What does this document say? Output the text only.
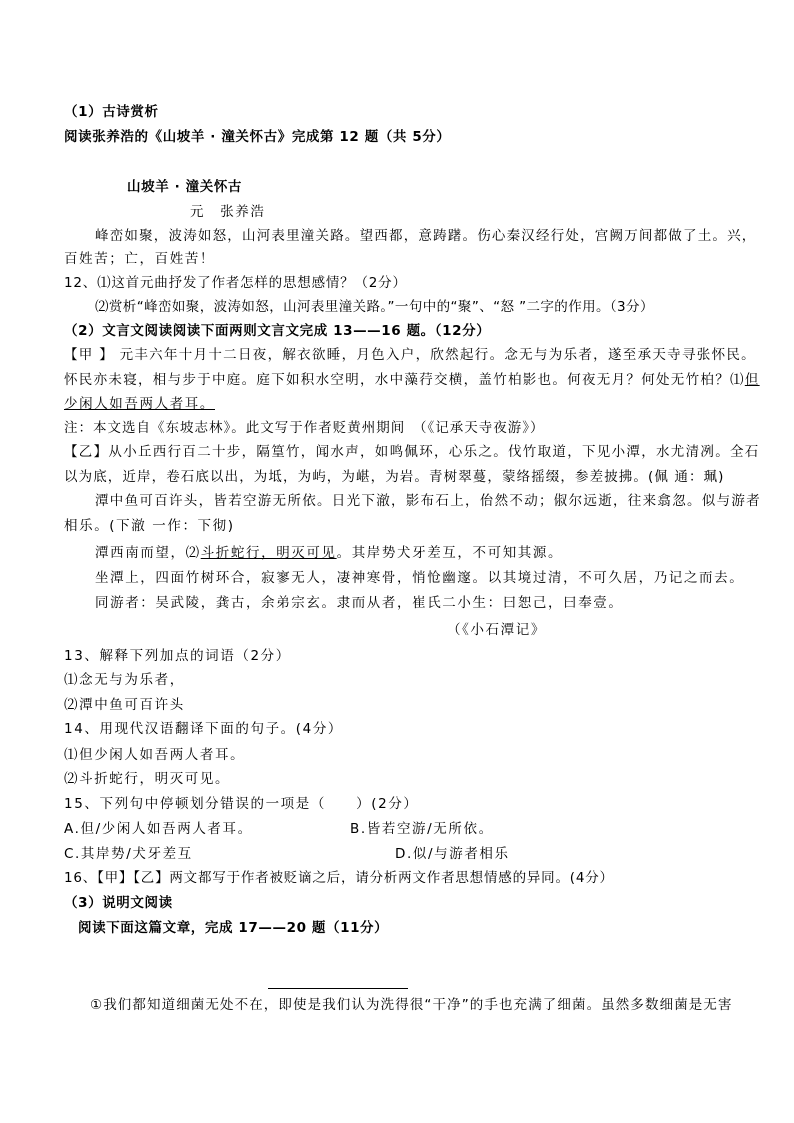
（1）古诗赏析
阅读张养浩的《山坡羊 · 潼关怀古》完成第 12 题（共 5分）
山坡羊 · 潼关怀古
元　张养浩
峰峦如聚，波涛如怒，山河表里潼关路。望西都，意踌躇。伤心秦汉经行处，宫阙万间都做了土。兴，
百姓苦；亡，百姓苦！
12、⑴这首元曲抒发了作者怎样的思想感情？（2分）
⑵赏析“峰峦如聚，波涛如怒，山河表里潼关路。”一句中的“聚”、“怒 ”二字的作用。（3分）
（2）文言文阅读阅读下面两则文言文完成 13——16 题。（12分）
【甲 】 元丰六年十月十二日夜，解衣欲睡，月色入户，欣然起行。念无与为乐者，遂至承天寺寻张怀民。
怀民亦未寝，相与步于中庭。庭下如积水空明，水中藻荇交横，盖竹柏影也。何夜无月？何处无竹柏？⑴但
少闲人如吾两人者耳。
注：本文选自《东坡志林》。此文写于作者贬黄州期间　（《记承天寺夜游》）
【乙】从小丘西行百二十步，隔篁竹，闻水声，如鸣佩环，心乐之。伐竹取道，下见小潭，水尤清冽。全石
以为底，近岸，卷石底以出，为坻，为屿，为嵁，为岩。青树翠蔓，蒙络摇缀，参差披拂。(佩 通：珮)
潭中鱼可百许头，皆若空游无所依。日光下澈，影布石上，佁然不动；俶尔远逝，往来翕忽。似与游者
相乐。(下澈 一作：下彻)
潭西南而望，⑵斗折蛇行，明灭可见。其岸势犬牙差互，不可知其源。
坐潭上，四面竹树环合，寂寥无人，凄神寒骨，悄怆幽邃。以其境过清，不可久居，乃记之而去。
同游者：吴武陵，龚古，余弟宗玄。隶而从者，崔氏二小生：曰恕己，曰奉壹。
（《小石潭记》
13、解释下列加点的词语（2分）
⑴念无与为乐者，
⑵潭中鱼可百许头
14、用现代汉语翻译下面的句子。(4分）
⑴但少闲人如吾两人者耳。
⑵斗折蛇行，明灭可见。
15、下列句中停顿划分错误的一项是（　　）(2分）
A.但/少闲人如吾两人者耳。	B.皆若空游/无所依。
C.其岸势/犬牙差互	D.似/与游者相乐
16、【甲】【乙】两文都写于作者被贬谪之后，请分析两文作者思想情感的异同。(4分）
（3）说明文阅读
阅读下面这篇文章，完成 17——20 题（11分）
①我们都知道细菌无处不在，即使是我们认为洗得很“干净”的手也充满了细菌。虽然多数细菌是无害
